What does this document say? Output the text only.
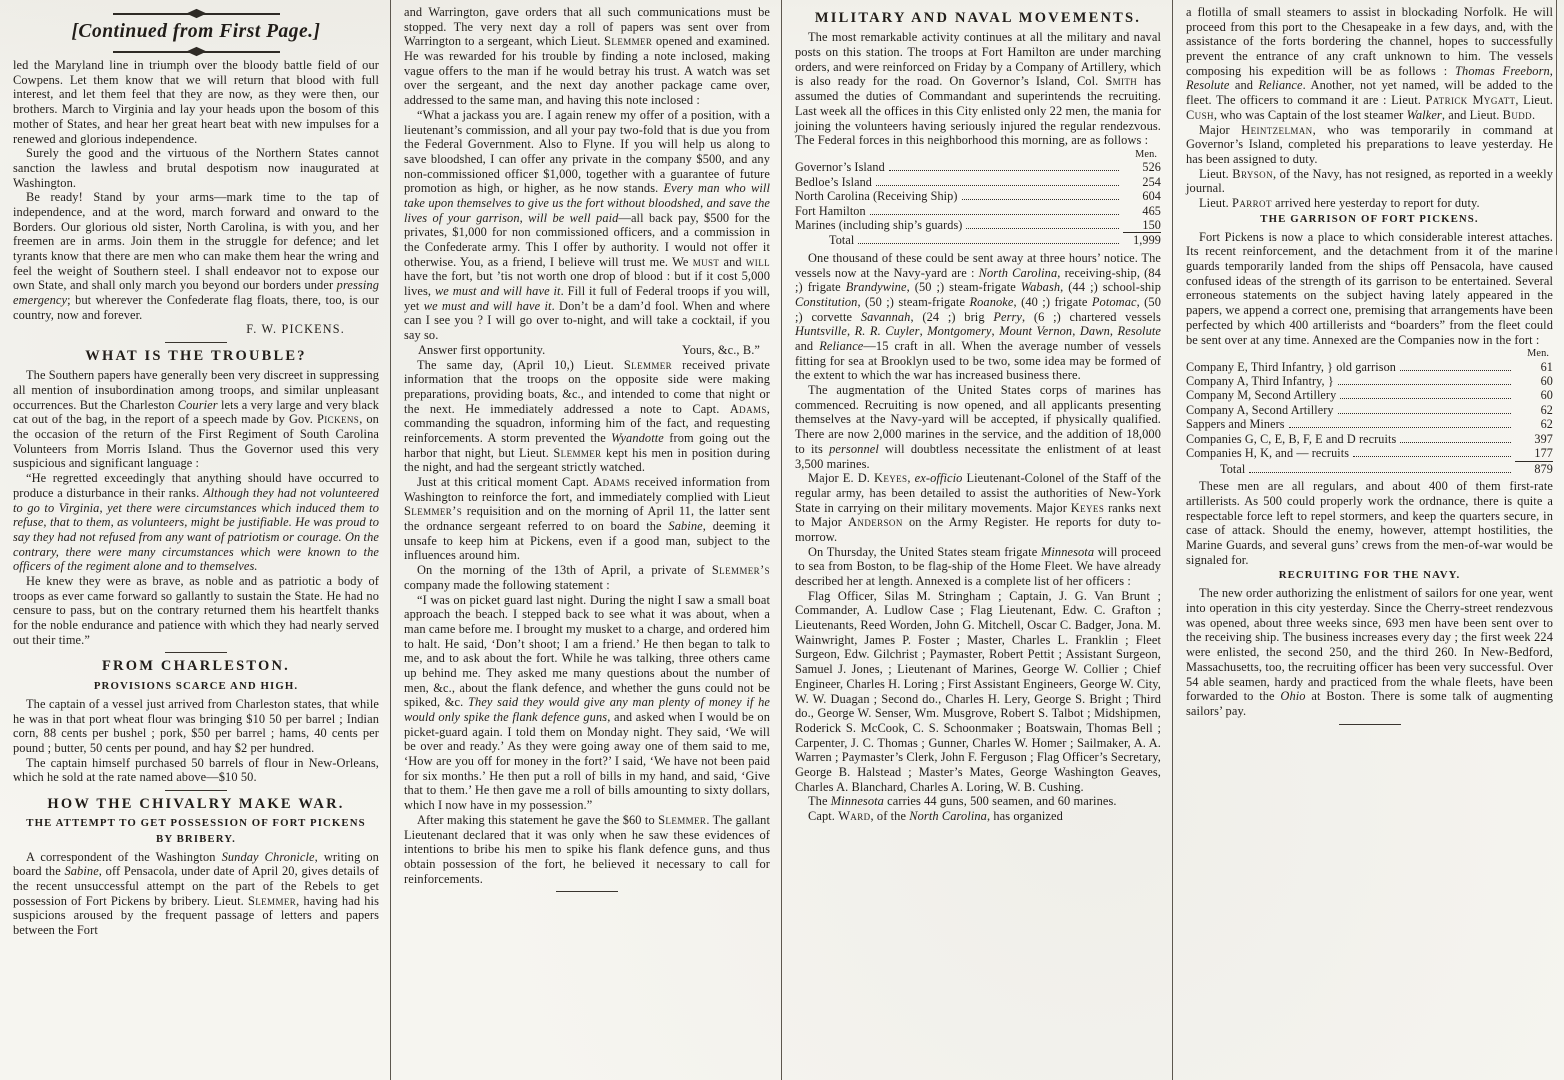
[Continued from First Page.]

led the Maryland line in triumph over the bloody battle field of our Cowpens. Let them know that we will return that blood with full interest, and let them feel that they are now, as they were then, our brothers. March to Virginia and lay your heads upon the bosom of this mother of States, and hear her great heart beat with new impulses for a renewed and glorious independence.

Surely the good and the virtuous of the Northern States cannot sanction the lawless and brutal despotism now inaugurated at Washington.

Be ready! Stand by your arms—mark time to the tap of independence, and at the word, march forward and onward to the Borders. Our glorious old sister, North Carolina, is with you, and her freemen are in arms. Join them in the struggle for defence; and let tyrants know that there are men who can make them hear the wring and feel the weight of Southern steel. I shall endeavor not to expose our own State, and shall only march you beyond our borders under pressing emergency; but wherever the Confederate flag floats, there, too, is our country, now and forever.

F. W. PICKENS.
WHAT IS THE TROUBLE?

The Southern papers have generally been very discreet in suppressing all mention of insubordination among troops, and similar unpleasant occurrences. But the Charleston Courier lets a very large and very black cat out of the bag, in the report of a speech made by Gov. Pickens, on the occasion of the return of the First Regiment of South Carolina Volunteers from Morris Island. Thus the Governor used this very suspicious and significant language :

“He regretted exceedingly that anything should have occurred to produce a disturbance in their ranks. Although they had not volunteered to go to Virginia, yet there were circumstances which induced them to refuse, that to them, as volunteers, might be justifiable. He was proud to say they had not refused from any want of patriotism or courage. On the contrary, there were many circumstances which were known to the officers of the regiment alone and to themselves.

He knew they were as brave, as noble and as patriotic a body of troops as ever came forward so gallantly to sustain the State. He had no censure to pass, but on the contrary returned them his heartfelt thanks for the noble endurance and patience with which they had nearly served out their time.”

FROM CHARLESTON.
PROVISIONS SCARCE AND HIGH.

The captain of a vessel just arrived from Charleston states, that while he was in that port wheat flour was bringing $10 50 per barrel ; Indian corn, 88 cents per bushel ; pork, $50 per barrel ; hams, 40 cents per pound ; butter, 50 cents per pound, and hay $2 per hundred.

The captain himself purchased 50 barrels of flour in New-Orleans, which he sold at the rate named above—$10 50.

HOW THE CHIVALRY MAKE WAR.
THE ATTEMPT TO GET POSSESSION OF FORT PICKENS BY BRIBERY.

A correspondent of the Washington Sunday Chronicle, writing on board the Sabine, off Pensacola, under date of April 20, gives details of the recent unsuccessful attempt on the part of the Rebels to get possession of Fort Pickens by bribery. Lieut. Slemmer, having had his suspicions aroused by the frequent passage of letters and papers between the Fort

and Warrington, gave orders that all such communications must be stopped. The very next day a roll of papers was sent over from Warrington to a sergeant, which Lieut. Slemmer opened and examined. He was rewarded for his trouble by finding a note inclosed, making vague offers to the man if he would betray his trust. A watch was set over the sergeant, and the next day another package came over, addressed to the same man, and having this note inclosed :

“What a jackass you are. I again renew my offer of a position, with a lieutenant’s commission, and all your pay two-fold that is due you from the Federal Government. Also to Flyne. If you will help us along to save bloodshed, I can offer any private in the company $500, and any non-commissioned officer $1,000, together with a guarantee of future promotion as high, or higher, as he now stands. Every man who will take upon themselves to give us the fort without bloodshed, and save the lives of your garrison, will be well paid—all back pay, $500 for the privates, $1,000 for non commissioned officers, and a commission in the Confederate army. This I offer by authority. I would not offer it otherwise. You, as a friend, I believe will trust me. We must and will have the fort, but ’tis not worth one drop of blood : but if it cost 5,000 lives, we must and will have it. Fill it full of Federal troops if you will, yet we must and will have it. Don’t be a dam’d fool. When and where can I see you ? I will go over to-night, and will take a cocktail, if you say so.

Answer first opportunity.	Yours, &c., B.”

The same day, (April 10,) Lieut. Slemmer received private information that the troops on the opposite side were making preparations, providing boats, &c., and intended to come that night or the next. He immediately addressed a note to Capt. Adams, commanding the squadron, informing him of the fact, and requesting reinforcements. A storm prevented the Wyandotte from going out the harbor that night, but Lieut. Slemmer kept his men in position during the night, and had the sergeant strictly watched.

Just at this critical moment Capt. Adams received information from Washington to reinforce the fort, and immediately complied with Lieut Slemmer’s requisition and on the morning of April 11, the latter sent the ordnance sergeant referred to on board the Sabine, deeming it unsafe to keep him at Pickens, even if a good man, subject to the influences around him.

On the morning of the 13th of April, a private of Slemmer’s company made the following statement :

“I was on picket guard last night. During the night I saw a small boat approach the beach. I stepped back to see what it was about, when a man came before me. I brought my musket to a charge, and ordered him to halt. He said, ‘Don’t shoot; I am a friend.’ He then began to talk to me, and to ask about the fort. While he was talking, three others came up behind me. They asked me many questions about the number of men, &c., about the flank defence, and whether the guns could not be spiked, &c. They said they would give any man plenty of money if he would only spike the flank defence guns, and asked when I would be on picket-guard again. I told them on Monday night. They said, ‘We will be over and ready.’ As they were going away one of them said to me, ‘How are you off for money in the fort?’ I said, ‘We have not been paid for six months.’ He then put a roll of bills in my hand, and said, ‘Give that to them.’ He then gave me a roll of bills amounting to sixty dollars, which I now have in my possession.”

After making this statement he gave the $60 to Slemmer. The gallant Lieutenant declared that it was only when he saw these evidences of intentions to bribe his men to spike his flank defence guns, and thus obtain possession of the fort, he believed it necessary to call for reinforcements.

MILITARY AND NAVAL MOVEMENTS.

The most remarkable activity continues at all the military and naval posts on this station. The troops at Fort Hamilton are under marching orders, and were reinforced on Friday by a Company of Artillery, which is also ready for the road. On Governor’s Island, Col. Smith has assumed the duties of Commandant and superintends the recruiting. Last week all the offices in this City enlisted only 22 men, the mania for joining the volunteers having seriously injured the regular rendezvous. The Federal forces in this neighborhood this morning, are as follows :

Men.
Governor’s Island	526
Bedloe’s Island	254
North Carolina (Receiving Ship)	604
Fort Hamilton	465
Marines (including ship’s guards)	150
Total	1,999

One thousand of these could be sent away at three hours’ notice. The vessels now at the Navy-yard are : North Carolina, receiving-ship, (84 ;) frigate Brandywine, (50 ;) steam-frigate Wabash, (44 ;) school-ship Constitution, (50 ;) steam-frigate Roanoke, (40 ;) frigate Potomac, (50 ;) corvette Savannah, (24 ;) brig Perry, (6 ;) chartered vessels Huntsville, R. R. Cuyler, Montgomery, Mount Vernon, Dawn, Resolute and Reliance—15 craft in all. When the average number of vessels fitting for sea at Brooklyn used to be two, some idea may be formed of the extent to which the war has increased business there.

The augmentation of the United States corps of marines has commenced. Recruiting is now opened, and all applicants presenting themselves at the Navy-yard will be accepted, if physically qualified. There are now 2,000 marines in the service, and the addition of 18,000 to its personnel will doubtless necessitate the enlistment of at least 3,500 marines.

Major E. D. Keyes, ex-officio Lieutenant-Colonel of the Staff of the regular army, has been detailed to assist the authorities of New-York State in carrying on their military movements. Major Keyes ranks next to Major Anderson on the Army Register. He reports for duty to-morrow.

On Thursday, the United States steam frigate Minnesota will proceed to sea from Boston, to be flag-ship of the Home Fleet. We have already described her at length. Annexed is a complete list of her officers :

Flag Officer, Silas M. Stringham ; Captain, J. G. Van Brunt ; Commander, A. Ludlow Case ; Flag Lieutenant, Edw. C. Grafton ; Lieutenants, Reed Worden, John G. Mitchell, Oscar C. Badger, Jona. M. Wainwright, James P. Foster ; Master, Charles L. Franklin ; Fleet Surgeon, Edw. Gilchrist ; Paymaster, Robert Pettit ; Assistant Surgeon, Samuel J. Jones, ; Lieutenant of Marines, George W. Collier ; Chief Engineer, Charles H. Loring ; First Assistant Engineers, George W. City, W. W. Duagan ; Second do., Charles H. Lery, George S. Bright ; Third do., George W. Senser, Wm. Musgrove, Robert S. Talbot ; Midshipmen, Roderick S. McCook, C. S. Schoonmaker ; Boatswain, Thomas Bell ; Carpenter, J. C. Thomas ; Gunner, Charles W. Homer ; Sailmaker, A. A. Warren ; Paymaster’s Clerk, John F. Ferguson ; Flag Officer’s Secretary, George B. Halstead ; Master’s Mates, George Washington Geaves, Charles A. Blanchard, Charles A. Loring, W. B. Cushing.

The Minnesota carries 44 guns, 500 seamen, and 60 marines.

Capt. Ward, of the North Carolina, has organized

a flotilla of small steamers to assist in blockading Norfolk. He will proceed from this port to the Chesapeake in a few days, and, with the assistance of the forts bordering the channel, hopes to successfully prevent the entrance of any craft unknown to him. The vessels composing his expedition will be as follows : Thomas Freeborn, Resolute and Reliance. Another, not yet named, will be added to the fleet. The officers to command it are : Lieut. Patrick Mygatt, Lieut. Cush, who was Captain of the lost steamer Walker, and Lieut. Budd.

Major Heintzelman, who was temporarily in command at Governor’s Island, completed his preparations to leave yesterday. He has been assigned to duty.

Lieut. Bryson, of the Navy, has not resigned, as reported in a weekly journal.

Lieut. Parrot arrived here yesterday to report for duty.

THE GARRISON OF FORT PICKENS.

Fort Pickens is now a place to which considerable interest attaches. Its recent reinforcement, and the detachment from it of the marine guards temporarily landed from the ships off Pensacola, have caused confused ideas of the strength of its garrison to be entertained. Several erroneous statements on the subject having lately appeared in the papers, we append a correct one, premising that arrangements have been perfected by which 400 artillerists and “boarders” from the fleet could be sent over at any time. Annexed are the Companies now in the fort :

Men.
Company E, Third Infantry, } old garrison	61
Company A, Third Infantry, }	60
Company M, Second Artillery	60
Company A, Second Artillery	62
Sappers and Miners	62
Companies G, C, E, B, F, E and D recruits	397
Companies H, K, and — recruits	177
Total	879

These men are all regulars, and about 400 of them first-rate artillerists. As 500 could properly work the ordnance, there is quite a respectable force left to repel stormers, and keep the quarters secure, in case of attack. Should the enemy, however, attempt hostilities, the Marine Guards, and several guns’ crews from the men-of-war would be signaled for.

RECRUITING FOR THE NAVY.

The new order authorizing the enlistment of sailors for one year, went into operation in this city yesterday. Since the Cherry-street rendezvous was opened, about three weeks since, 693 men have been sent over to the receiving ship. The business increases every day ; the first week 224 were enlisted, the second 250, and the third 260. In New-Bedford, Massachusetts, too, the recruiting officer has been very successful. Over 54 able seamen, hardy and practiced from the whale fleets, have been forwarded to the Ohio at Boston. There is some talk of augmenting sailors’ pay.
